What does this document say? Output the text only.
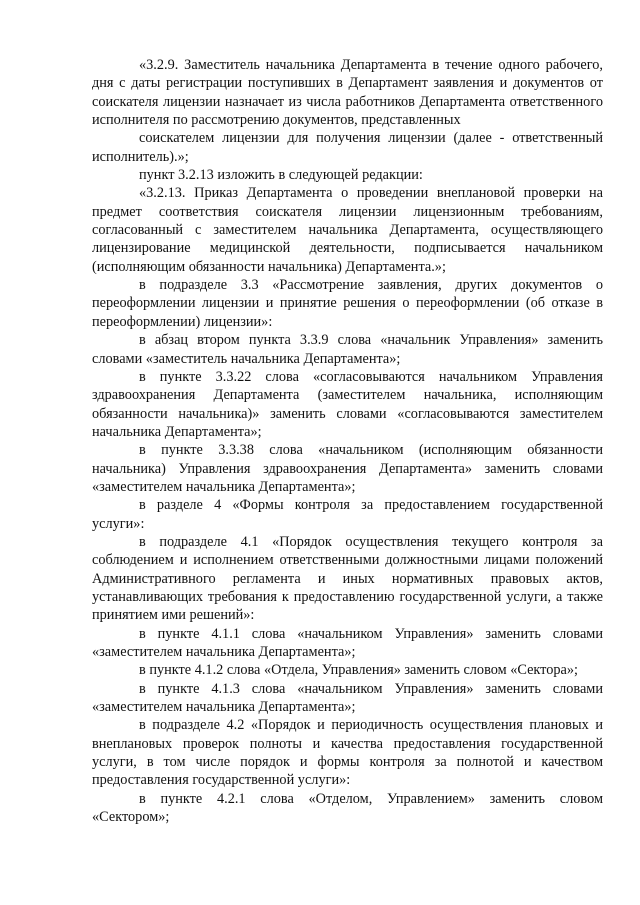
«3.2.9. Заместитель начальника Департамента в течение одного рабочего, дня с даты регистрации поступивших в Департамент заявления и документов от соискателя лицензии назначает из числа работников Департамента ответственного исполнителя по рассмотрению документов, представленных

соискателем лицензии для получения лицензии (далее - ответственный исполнитель).»;

пункт 3.2.13 изложить в следующей редакции:

«3.2.13. Приказ Департамента о проведении внеплановой проверки на предмет соответствия соискателя лицензии лицензионным требованиям, согласованный с заместителем начальника Департамента, осуществляющего лицензирование медицинской деятельности, подписывается начальником (исполняющим обязанности начальника) Департамента.»;

в подразделе 3.3 «Рассмотрение заявления, других документов о переоформлении лицензии и принятие решения о переоформлении (об отказе в переоформлении) лицензии»:

в абзац втором пункта 3.3.9 слова «начальник Управления» заменить словами «заместитель начальника Департамента»;

в пункте 3.3.22 слова «согласовываются начальником Управления здравоохранения Департамента (заместителем начальника, исполняющим обязанности начальника)» заменить словами «согласовываются заместителем начальника Департамента»;

в пункте 3.3.38 слова «начальником (исполняющим обязанности начальника) Управления здравоохранения Департамента» заменить словами «заместителем начальника Департамента»;

в разделе 4 «Формы контроля за предоставлением государственной услуги»:

в подразделе 4.1 «Порядок осуществления текущего контроля за соблюдением и исполнением ответственными должностными лицами положений Административного регламента и иных нормативных правовых актов, устанавливающих требования к предоставлению государственной услуги, а также принятием ими решений»:

в пункте 4.1.1 слова «начальником Управления» заменить словами «заместителем начальника Департамента»;

в пункте 4.1.2 слова «Отдела, Управления» заменить словом «Сектора»;

в пункте 4.1.3 слова «начальником Управления» заменить словами «заместителем начальника Департамента»;

в подразделе 4.2 «Порядок и периодичность осуществления плановых и внеплановых проверок полноты и качества предоставления государственной услуги, в том числе порядок и формы контроля за полнотой и качеством предоставления государственной услуги»:

в пункте 4.2.1 слова «Отделом, Управлением» заменить словом «Сектором»;
